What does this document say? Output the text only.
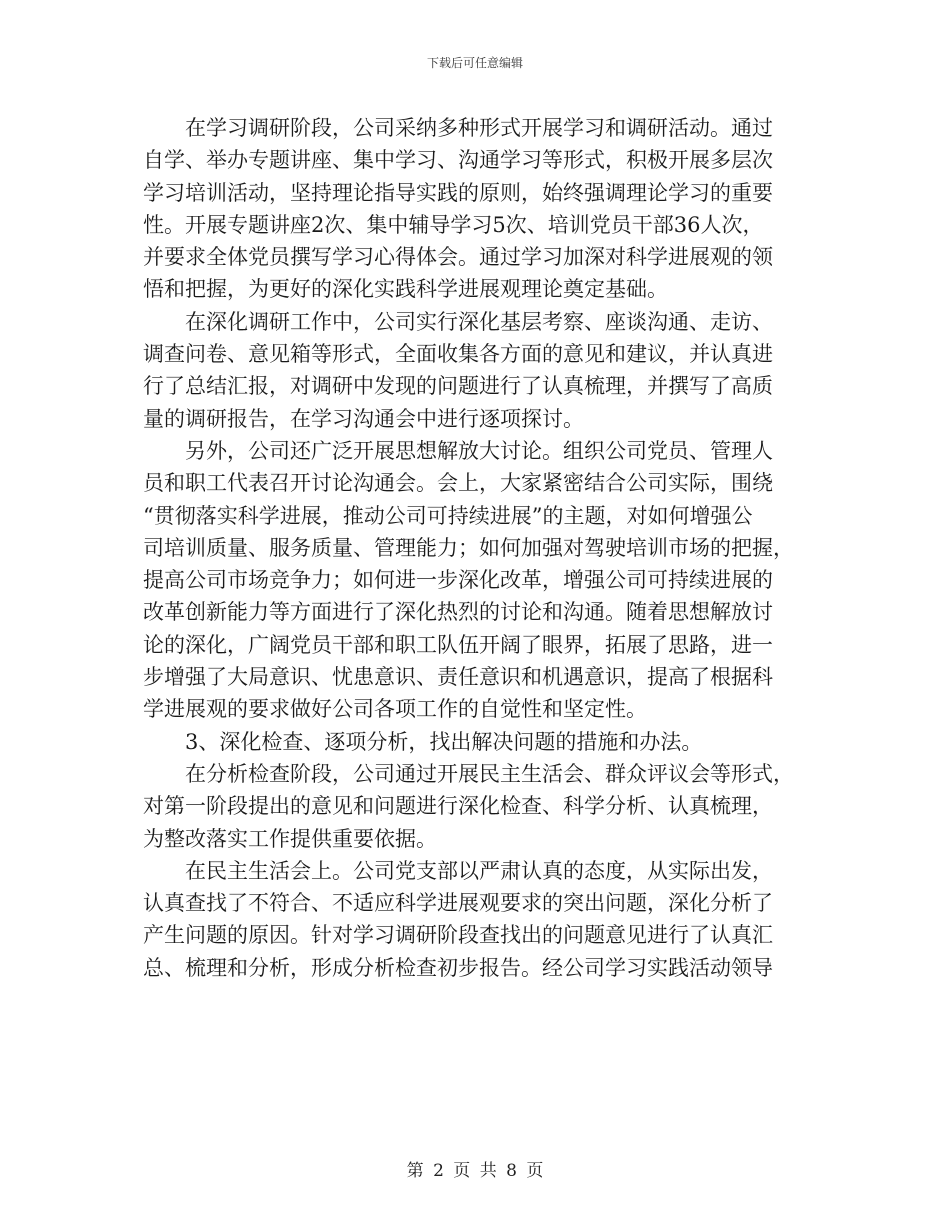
下载后可任意编辑

在学习调研阶段，公司采纳多种形式开展学习和调研活动。通过
自学、举办专题讲座、集中学习、沟通学习等形式，积极开展多层次
学习培训活动，坚持理论指导实践的原则，始终强调理论学习的重要
性。开展专题讲座2次、集中辅导学习5次、培训党员干部36人次，
并要求全体党员撰写学习心得体会。通过学习加深对科学进展观的领
悟和把握，为更好的深化实践科学进展观理论奠定基础。

在深化调研工作中，公司实行深化基层考察、座谈沟通、走访、
调查问卷、意见箱等形式，全面收集各方面的意见和建议，并认真进
行了总结汇报，对调研中发现的问题进行了认真梳理，并撰写了高质
量的调研报告，在学习沟通会中进行逐项探讨。

另外，公司还广泛开展思想解放大讨论。组织公司党员、管理人
员和职工代表召开讨论沟通会。会上，大家紧密结合公司实际，围绕
“贯彻落实科学进展，推动公司可持续进展”的主题，对如何增强公
司培训质量、服务质量、管理能力；如何加强对驾驶培训市场的把握，
提高公司市场竞争力；如何进一步深化改革，增强公司可持续进展的
改革创新能力等方面进行了深化热烈的讨论和沟通。随着思想解放讨
论的深化，广阔党员干部和职工队伍开阔了眼界，拓展了思路，进一
步增强了大局意识、忧患意识、责任意识和机遇意识，提高了根据科
学进展观的要求做好公司各项工作的自觉性和坚定性。

3、深化检查、逐项分析，找出解决问题的措施和办法。

在分析检查阶段，公司通过开展民主生活会、群众评议会等形式，
对第一阶段提出的意见和问题进行深化检查、科学分析、认真梳理，
为整改落实工作提供重要依据。

在民主生活会上。公司党支部以严肃认真的态度，从实际出发，
认真查找了不符合、不适应科学进展观要求的突出问题，深化分析了
产生问题的原因。针对学习调研阶段查找出的问题意见进行了认真汇
总、梳理和分析，形成分析检查初步报告。经公司学习实践活动领导

第 2 页 共 8 页
